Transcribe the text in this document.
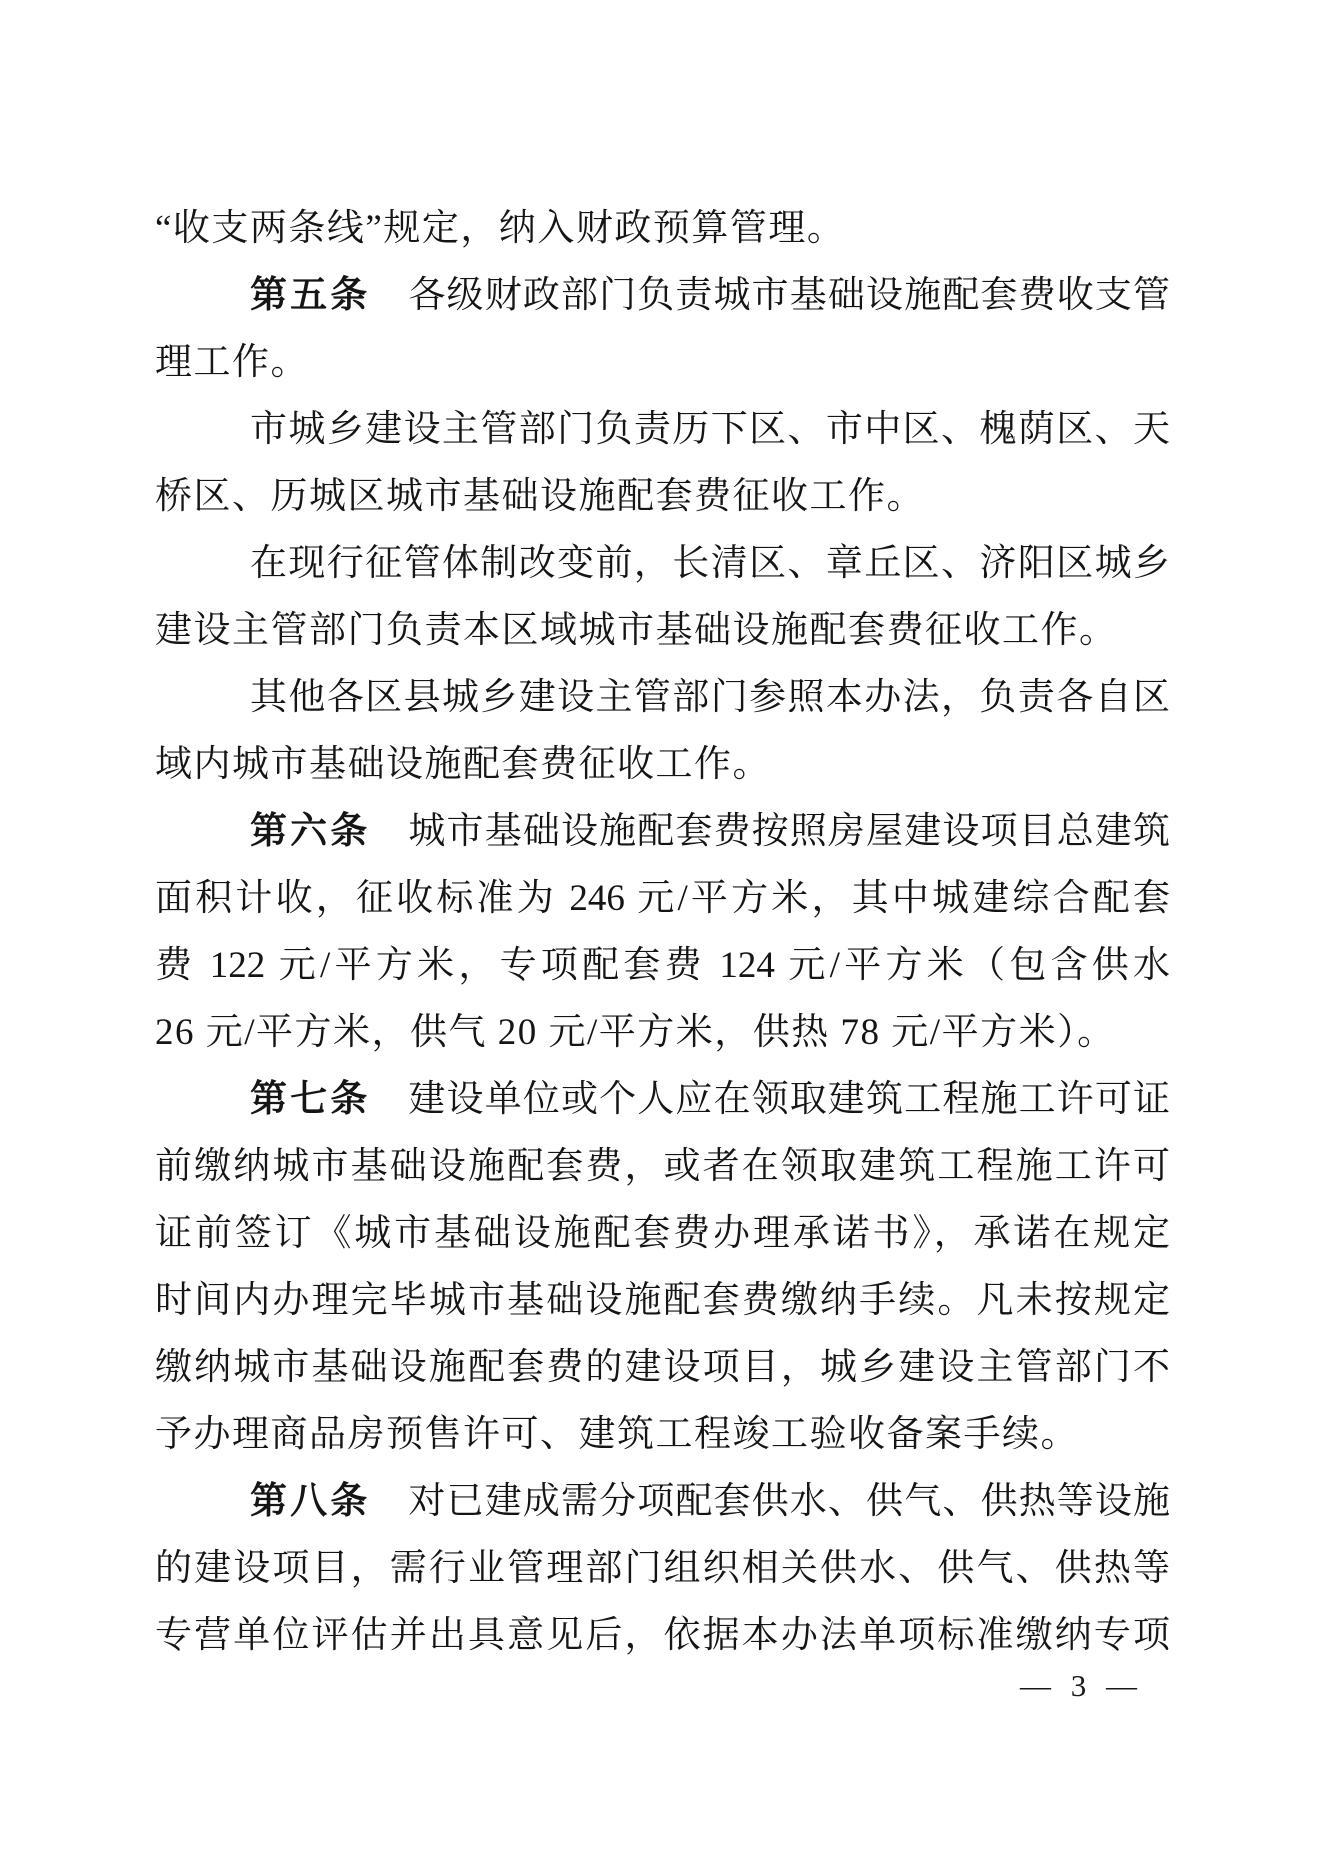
“收支两条线”规定，纳入财政预算管理。
第五条 各级财政部门负责城市基础设施配套费收支管
理工作。
市城乡建设主管部门负责历下区、市中区、槐荫区、天
桥区、历城区城市基础设施配套费征收工作。
在现行征管体制改变前，长清区、章丘区、济阳区城乡
建设主管部门负责本区域城市基础设施配套费征收工作。
其他各区县城乡建设主管部门参照本办法，负责各自区
域内城市基础设施配套费征收工作。
第六条 城市基础设施配套费按照房屋建设项目总建筑
面积计收，征收标准为 246 元/平方米，其中城建综合配套
费 122 元/平方米，专项配套费 124 元/平方米（包含供水
26 元/平方米，供气 20 元/平方米，供热 78 元/平方米）。
第七条 建设单位或个人应在领取建筑工程施工许可证
前缴纳城市基础设施配套费，或者在领取建筑工程施工许可
证前签订《城市基础设施配套费办理承诺书》，承诺在规定
时间内办理完毕城市基础设施配套费缴纳手续。凡未按规定
缴纳城市基础设施配套费的建设项目，城乡建设主管部门不
予办理商品房预售许可、建筑工程竣工验收备案手续。
第八条 对已建成需分项配套供水、供气、供热等设施
的建设项目，需行业管理部门组织相关供水、供气、供热等
专营单位评估并出具意见后，依据本办法单项标准缴纳专项
— 3 —
